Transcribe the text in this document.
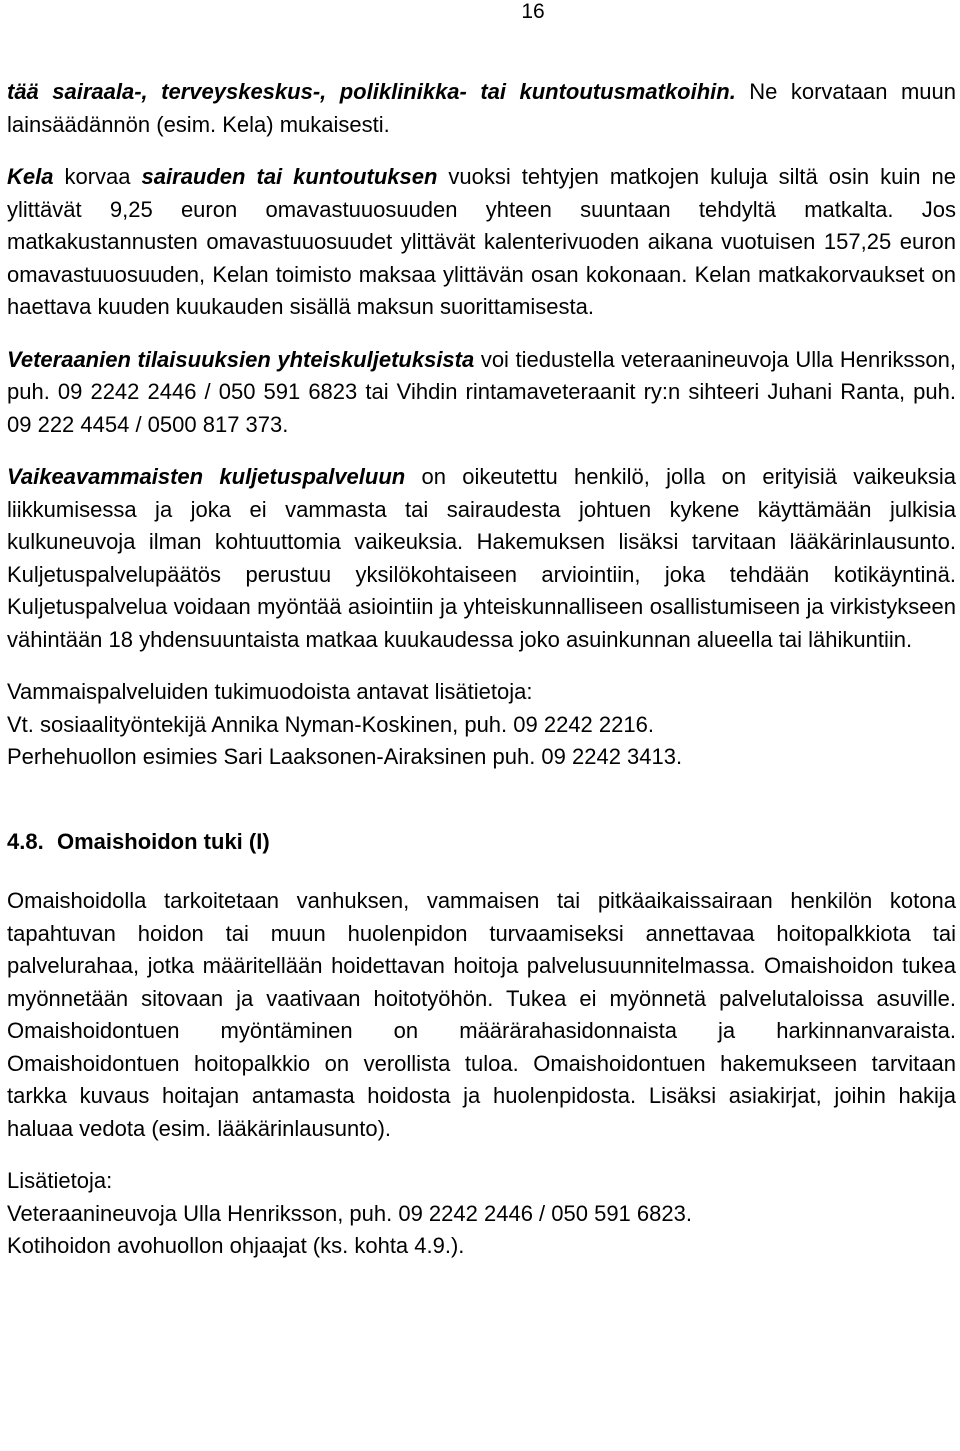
16

tää sairaala-, terveyskeskus-, poliklinikka- tai kuntoutusmatkoihin. Ne korvataan muun lainsäädännön (esim. Kela) mukaisesti.

Kela korvaa sairauden tai kuntoutuksen vuoksi tehtyjen matkojen kuluja siltä osin kuin ne ylittävät 9,25 euron omavastuuosuuden yhteen suuntaan tehdyltä matkalta. Jos matkakustannusten omavastuuosuudet ylittävät kalenterivuoden aikana vuotuisen 157,25 euron omavastuuosuuden, Kelan toimisto maksaa ylittävän osan kokonaan. Kelan matkakorvaukset on haettava kuuden kuukauden sisällä maksun suorittamisesta.

Veteraanien tilaisuuksien yhteiskuljetuksista voi tiedustella veteraanineuvoja Ulla Henriksson, puh. 09 2242 2446 / 050 591 6823 tai Vihdin rintamaveteraanit ry:n sihteeri Juhani Ranta, puh. 09 222 4454 / 0500 817 373.

Vaikeavammaisten kuljetuspalveluun on oikeutettu henkilö, jolla on erityisiä vaikeuksia liikkumisessa ja joka ei vammasta tai sairaudesta johtuen kykene käyttämään julkisia kulkuneuvoja ilman kohtuuttomia vaikeuksia. Hakemuksen lisäksi tarvitaan lääkärinlausunto. Kuljetuspalvelupäätös perustuu yksilökohtaiseen arviointiin, joka tehdään kotikäyntinä. Kuljetuspalvelua voidaan myöntää asiointiin ja yhteiskunnalliseen osallistumiseen ja virkistykseen vähintään 18 yhdensuuntaista matkaa kuukaudessa joko asuinkunnan alueella tai lähikuntiin.

Vammaispalveluiden tukimuodoista antavat lisätietoja:
Vt. sosiaalityöntekijä Annika Nyman-Koskinen, puh. 09 2242 2216.
Perhehuollon esimies Sari Laaksonen-Airaksinen puh. 09 2242 3413.

4.8. Omaishoidon tuki (I)

Omaishoidolla tarkoitetaan vanhuksen, vammaisen tai pitkäaikaissairaan henkilön kotona tapahtuvan hoidon tai muun huolenpidon turvaamiseksi annettavaa hoitopalkkiota tai palvelurahaa, jotka määritellään hoidettavan hoitoja palvelusuunnitelmassa. Omaishoidon tukea myönnetään sitovaan ja vaativaan hoitotyöhön. Tukea ei myönnetä palvelutaloissa asuville. Omaishoidontuen myöntäminen on määrärahasidonnaista ja harkinnanvaraista. Omaishoidontuen hoitopalkkio on verollista tuloa. Omaishoidontuen hakemukseen tarvitaan tarkka kuvaus hoitajan antamasta hoidosta ja huolenpidosta. Lisäksi asiakirjat, joihin hakija haluaa vedota (esim. lääkärinlausunto).

Lisätietoja:
Veteraanineuvoja Ulla Henriksson, puh. 09 2242 2446 / 050 591 6823.
Kotihoidon avohuollon ohjaajat (ks. kohta 4.9.).
